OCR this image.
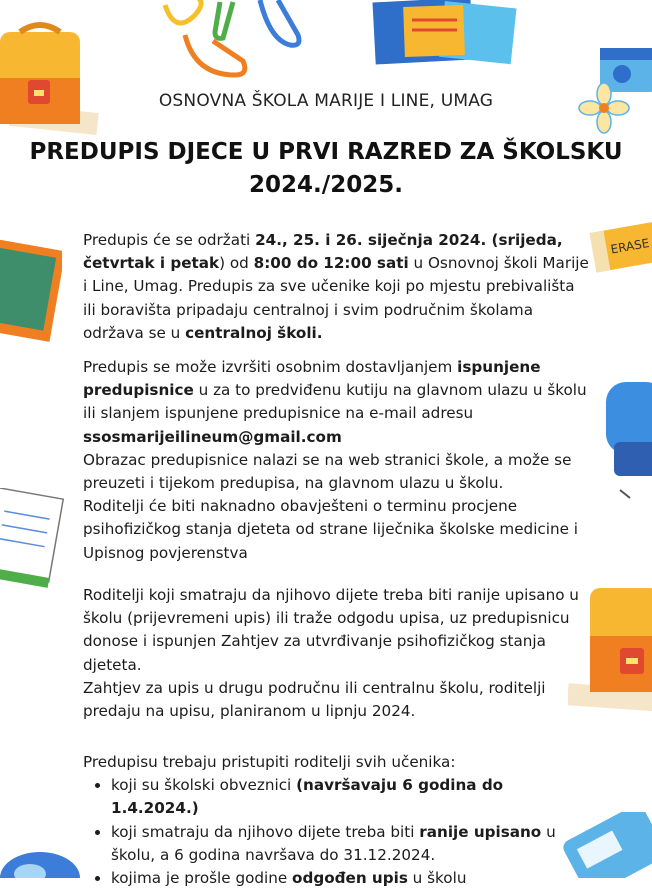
ERASE
OSNOVNA ŠKOLA MARIJE I LINE, UMAG
PREDUPIS DJECE U PRVI RAZRED ZA ŠKOLSKU 2024./2025.

Predupis će se održati 24., 25. i 26. siječnja 2024. (srijeda, četvrtak i petak) od 8:00 do 12:00 sati u Osnovnoj školi Marije i Line, Umag. Predupis za sve učenike koji po mjestu prebivališta ili boravišta pripadaju centralnoj i svim područnim školama održava se u centralnoj školi.

Predupis se može izvršiti osobnim dostavljanjem ispunjene predupisnice u za to predviđenu kutiju na glavnom ulazu u školu ili slanjem ispunjene predupisnice na e-mail adresu
ssosmarijeilineum@gmail.com
Obrazac predupisnice nalazi se na web stranici škole, a može se preuzeti i tijekom predupisa, na glavnom ulazu u školu.
Roditelji će biti naknadno obavješteni o terminu procjene psihofizičkog stanja djeteta od strane liječnika školske medicine i Upisnog povjerenstva
Roditelji koji smatraju da njihovo dijete treba biti ranije upisano u školu (prijevremeni upis) ili traže odgodu upisa, uz predupisnicu donose i ispunjen Zahtjev za utvrđivanje psihofizičkog stanja djeteta.
Zahtjev za upis u drugu područnu ili centralnu školu, roditelji predaju na upisu, planiranom u lipnju 2024.
Predupisu trebaju pristupiti roditelji svih učenika:
• koji su školski obveznici (navršavaju 6 godina do 1.4.2024.)
• koji smatraju da njihovo dijete treba biti ranije upisano u školu, a 6 godina navršava do 31.12.2024.
• kojima je prošle godine odgođen upis u školu
